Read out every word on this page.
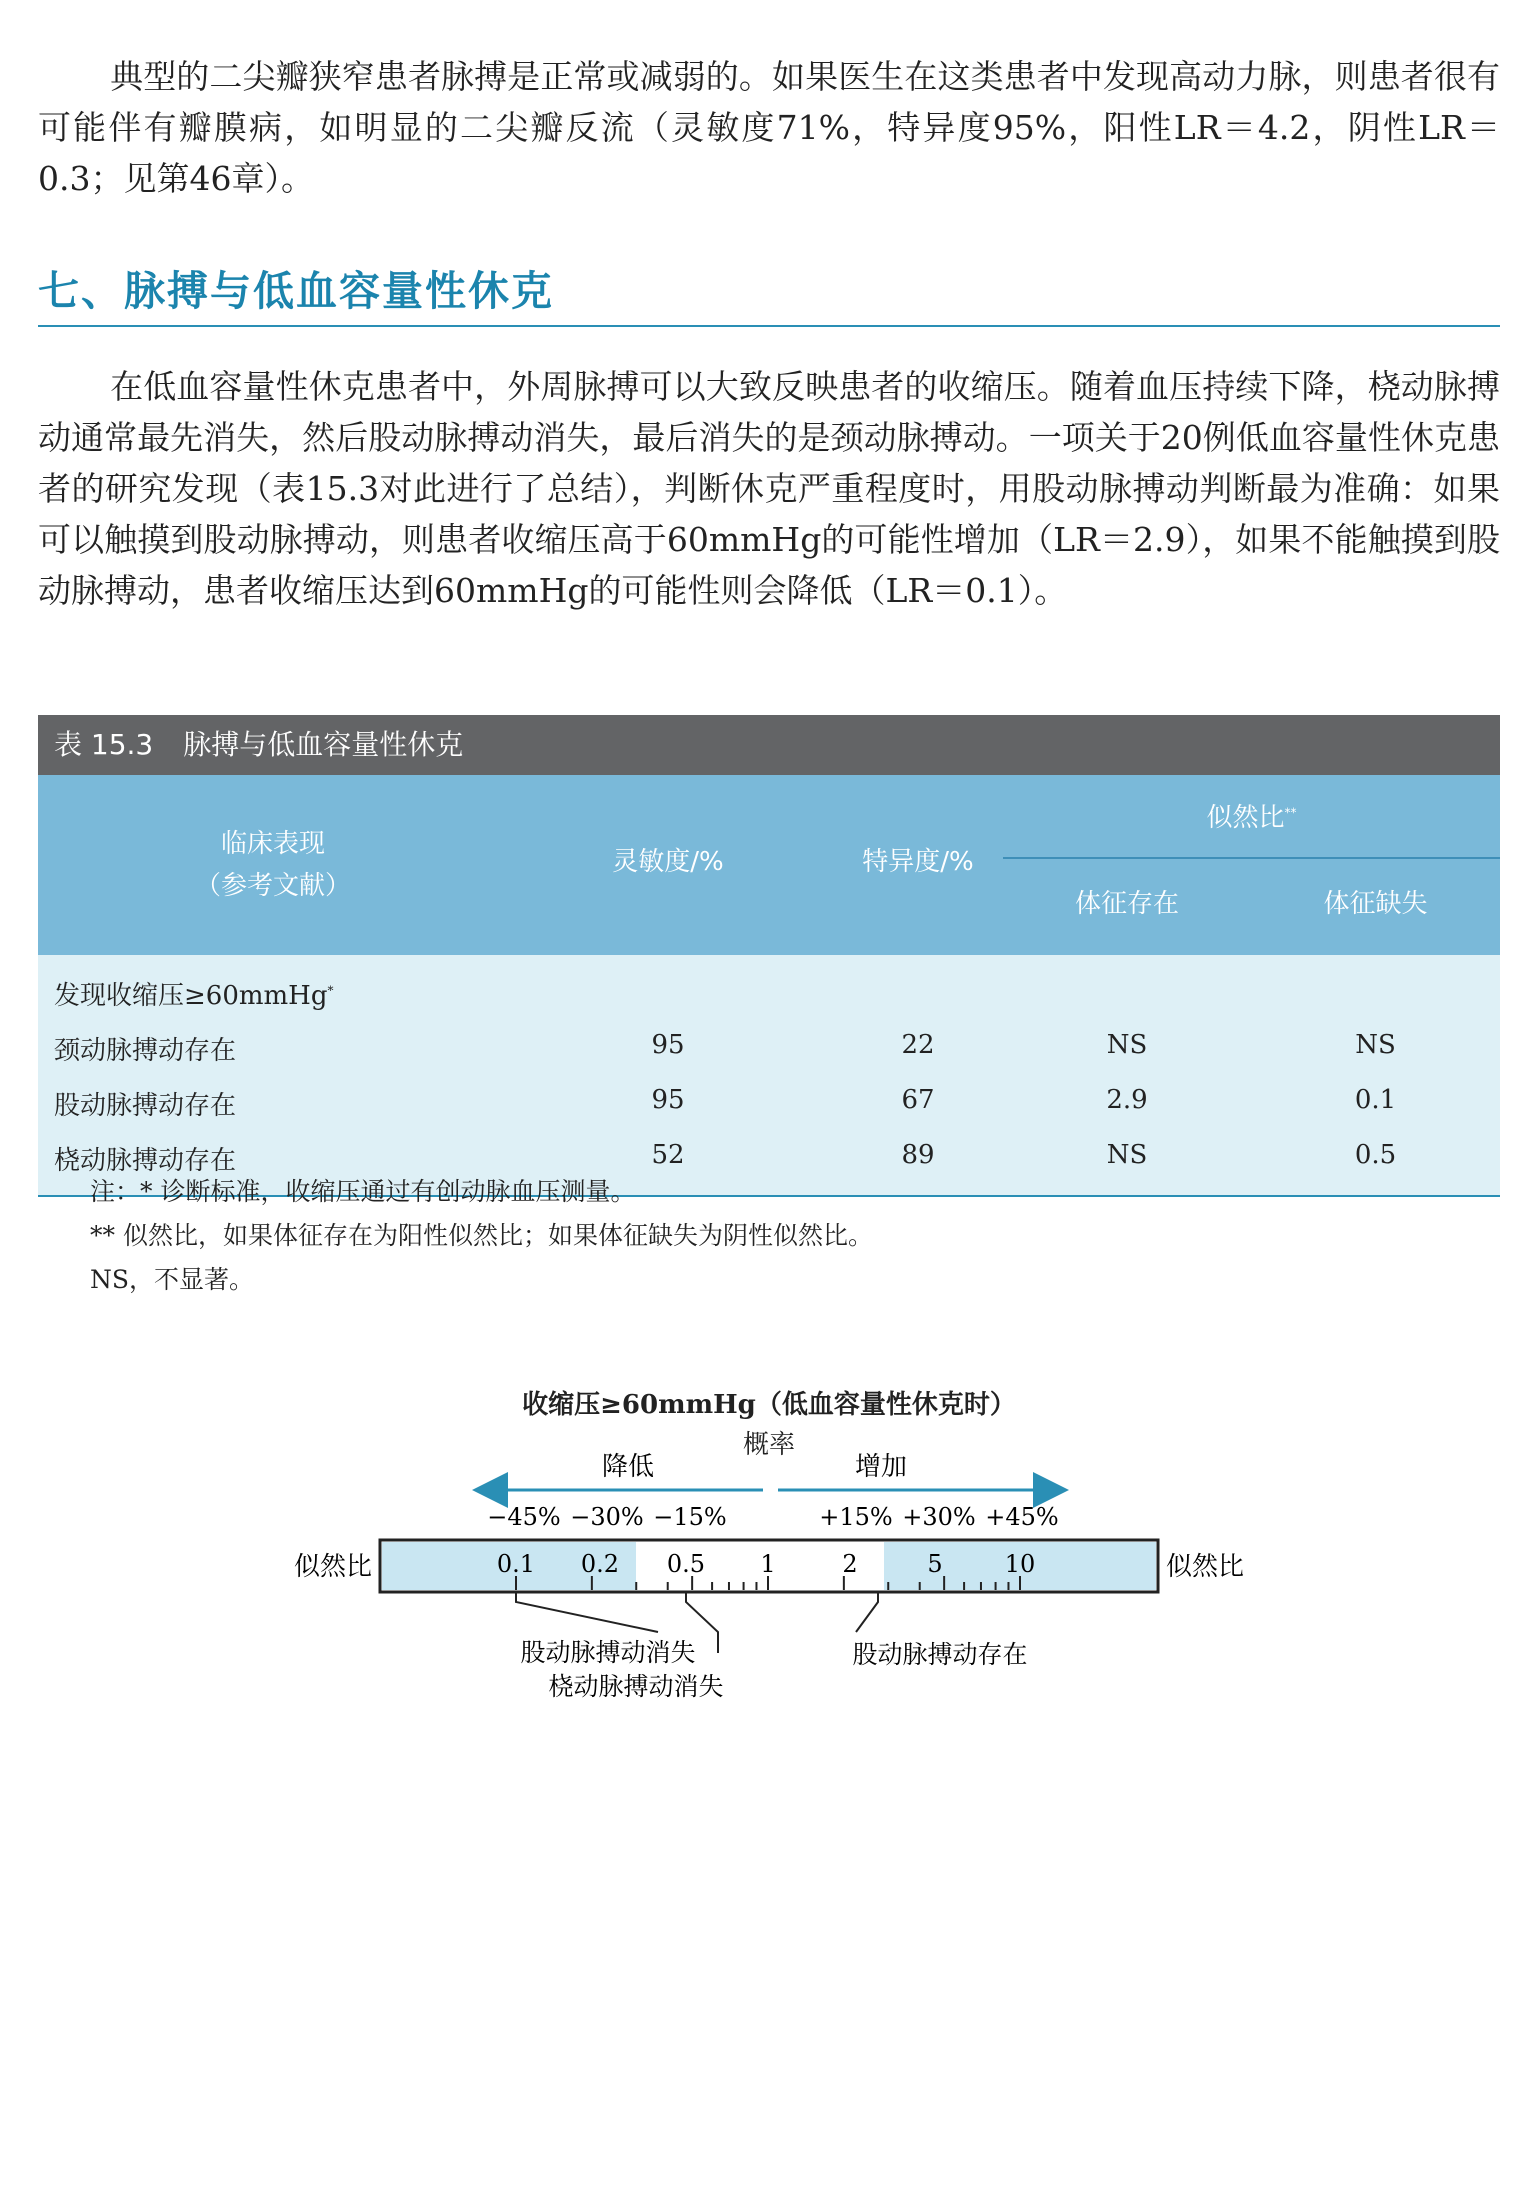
典型的二尖瓣狭窄患者脉搏是正常或减弱的。如果医生在这类患者中发现高动力脉，则患者很有可能伴有瓣膜病，如明显的二尖瓣反流（灵敏度71%，特异度95%，阳性LR＝4.2，阴性LR＝0.3；见第46章）。

七、脉搏与低血容量性休克

在低血容量性休克患者中，外周脉搏可以大致反映患者的收缩压。随着血压持续下降，桡动脉搏动通常最先消失，然后股动脉搏动消失，最后消失的是颈动脉搏动。一项关于20例低血容量性休克患者的研究发现（表15.3对此进行了总结），判断休克严重程度时，用股动脉搏动判断最为准确：如果可以触摸到股动脉搏动，则患者收缩压高于60mmHg的可能性增加（LR＝2.9），如果不能触摸到股动脉搏动，患者收缩压达到60mmHg的可能性则会降低（LR＝0.1）。

表 15.3 脉搏与低血容量性休克
临床表现
（参考文献）
灵敏度/%	特异度/%
似然比**
体征存在	体征缺失
发现收缩压≥60mmHg*
颈动脉搏动存在	95	22	NS	NS
股动脉搏动存在	95	67	2.9	0.1
桡动脉搏动存在	52	89	NS	0.5
注：* 诊断标准，收缩压通过有创动脉血压测量。
** 似然比，如果体征存在为阳性似然比；如果体征缺失为阴性似然比。
NS，不显著。
收缩压≥60mmHg（低血容量性休克时）
概率
降低	增加
−45% −30% −15%	+15% +30% +45%
0.1 0.2 0.5 1	2	5	10
似然比	似然比
股动脉搏动消失
桡动脉搏动消失
股动脉搏动存在
